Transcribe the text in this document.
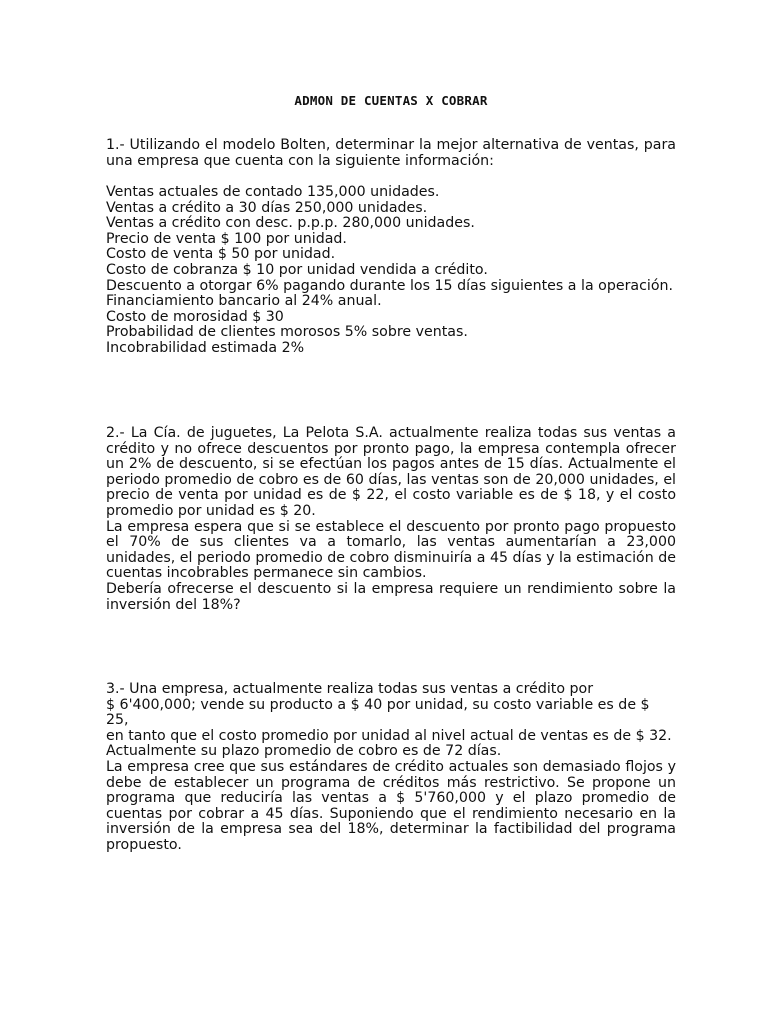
ADMON DE CUENTAS X COBRAR

1.- Utilizando el modelo Bolten, determinar la mejor alternativa de ventas, para una empresa que cuenta con la siguiente información:

Ventas actuales de contado 135,000 unidades.
Ventas a crédito a 30 días 250,000 unidades.
Ventas a crédito con desc. p.p.p. 280,000 unidades.
Precio de venta $ 100 por unidad.
Costo de venta $ 50 por unidad.
Costo de cobranza $ 10 por unidad vendida a crédito.
Descuento a otorgar 6% pagando durante los 15 días siguientes a la operación.
Financiamiento bancario al 24% anual.
Costo de morosidad $ 30
Probabilidad de clientes morosos 5% sobre ventas.
Incobrabilidad estimada 2%

2.- La Cía. de juguetes, La Pelota S.A. actualmente realiza todas sus ventas a crédito y no ofrece descuentos por pronto pago, la empresa contempla ofrecer un 2% de descuento, si se efectúan los pagos antes de 15 días. Actualmente el periodo promedio de cobro es de 60 días, las ventas son de 20,000 unidades, el precio de venta por unidad es de $ 22, el costo variable es de $ 18, y el costo promedio por unidad es $ 20.

La empresa espera que si se establece el descuento por pronto pago propuesto el 70% de sus clientes va a tomarlo, las ventas aumentarían a 23,000 unidades, el periodo promedio de cobro disminuiría a 45 días y la estimación de cuentas incobrables permanece sin cambios.

Debería ofrecerse el descuento si la empresa requiere un rendimiento sobre la inversión del 18%?

3.- Una empresa, actualmente realiza todas sus ventas a crédito por

$ 6'400,000; vende su producto a $ 40 por unidad, su costo variable es de $ 25,

en tanto que el costo promedio por unidad al nivel actual de ventas es de $ 32.

Actualmente su plazo promedio de cobro es de 72 días.

La empresa cree que sus estándares de crédito actuales son demasiado flojos y debe de establecer un programa de créditos más restrictivo. Se propone un programa que reduciría las ventas a $ 5'760,000 y el plazo promedio de cuentas por cobrar a 45 días. Suponiendo que el rendimiento necesario en la inversión de la empresa sea del 18%, determinar la factibilidad del programa propuesto.
